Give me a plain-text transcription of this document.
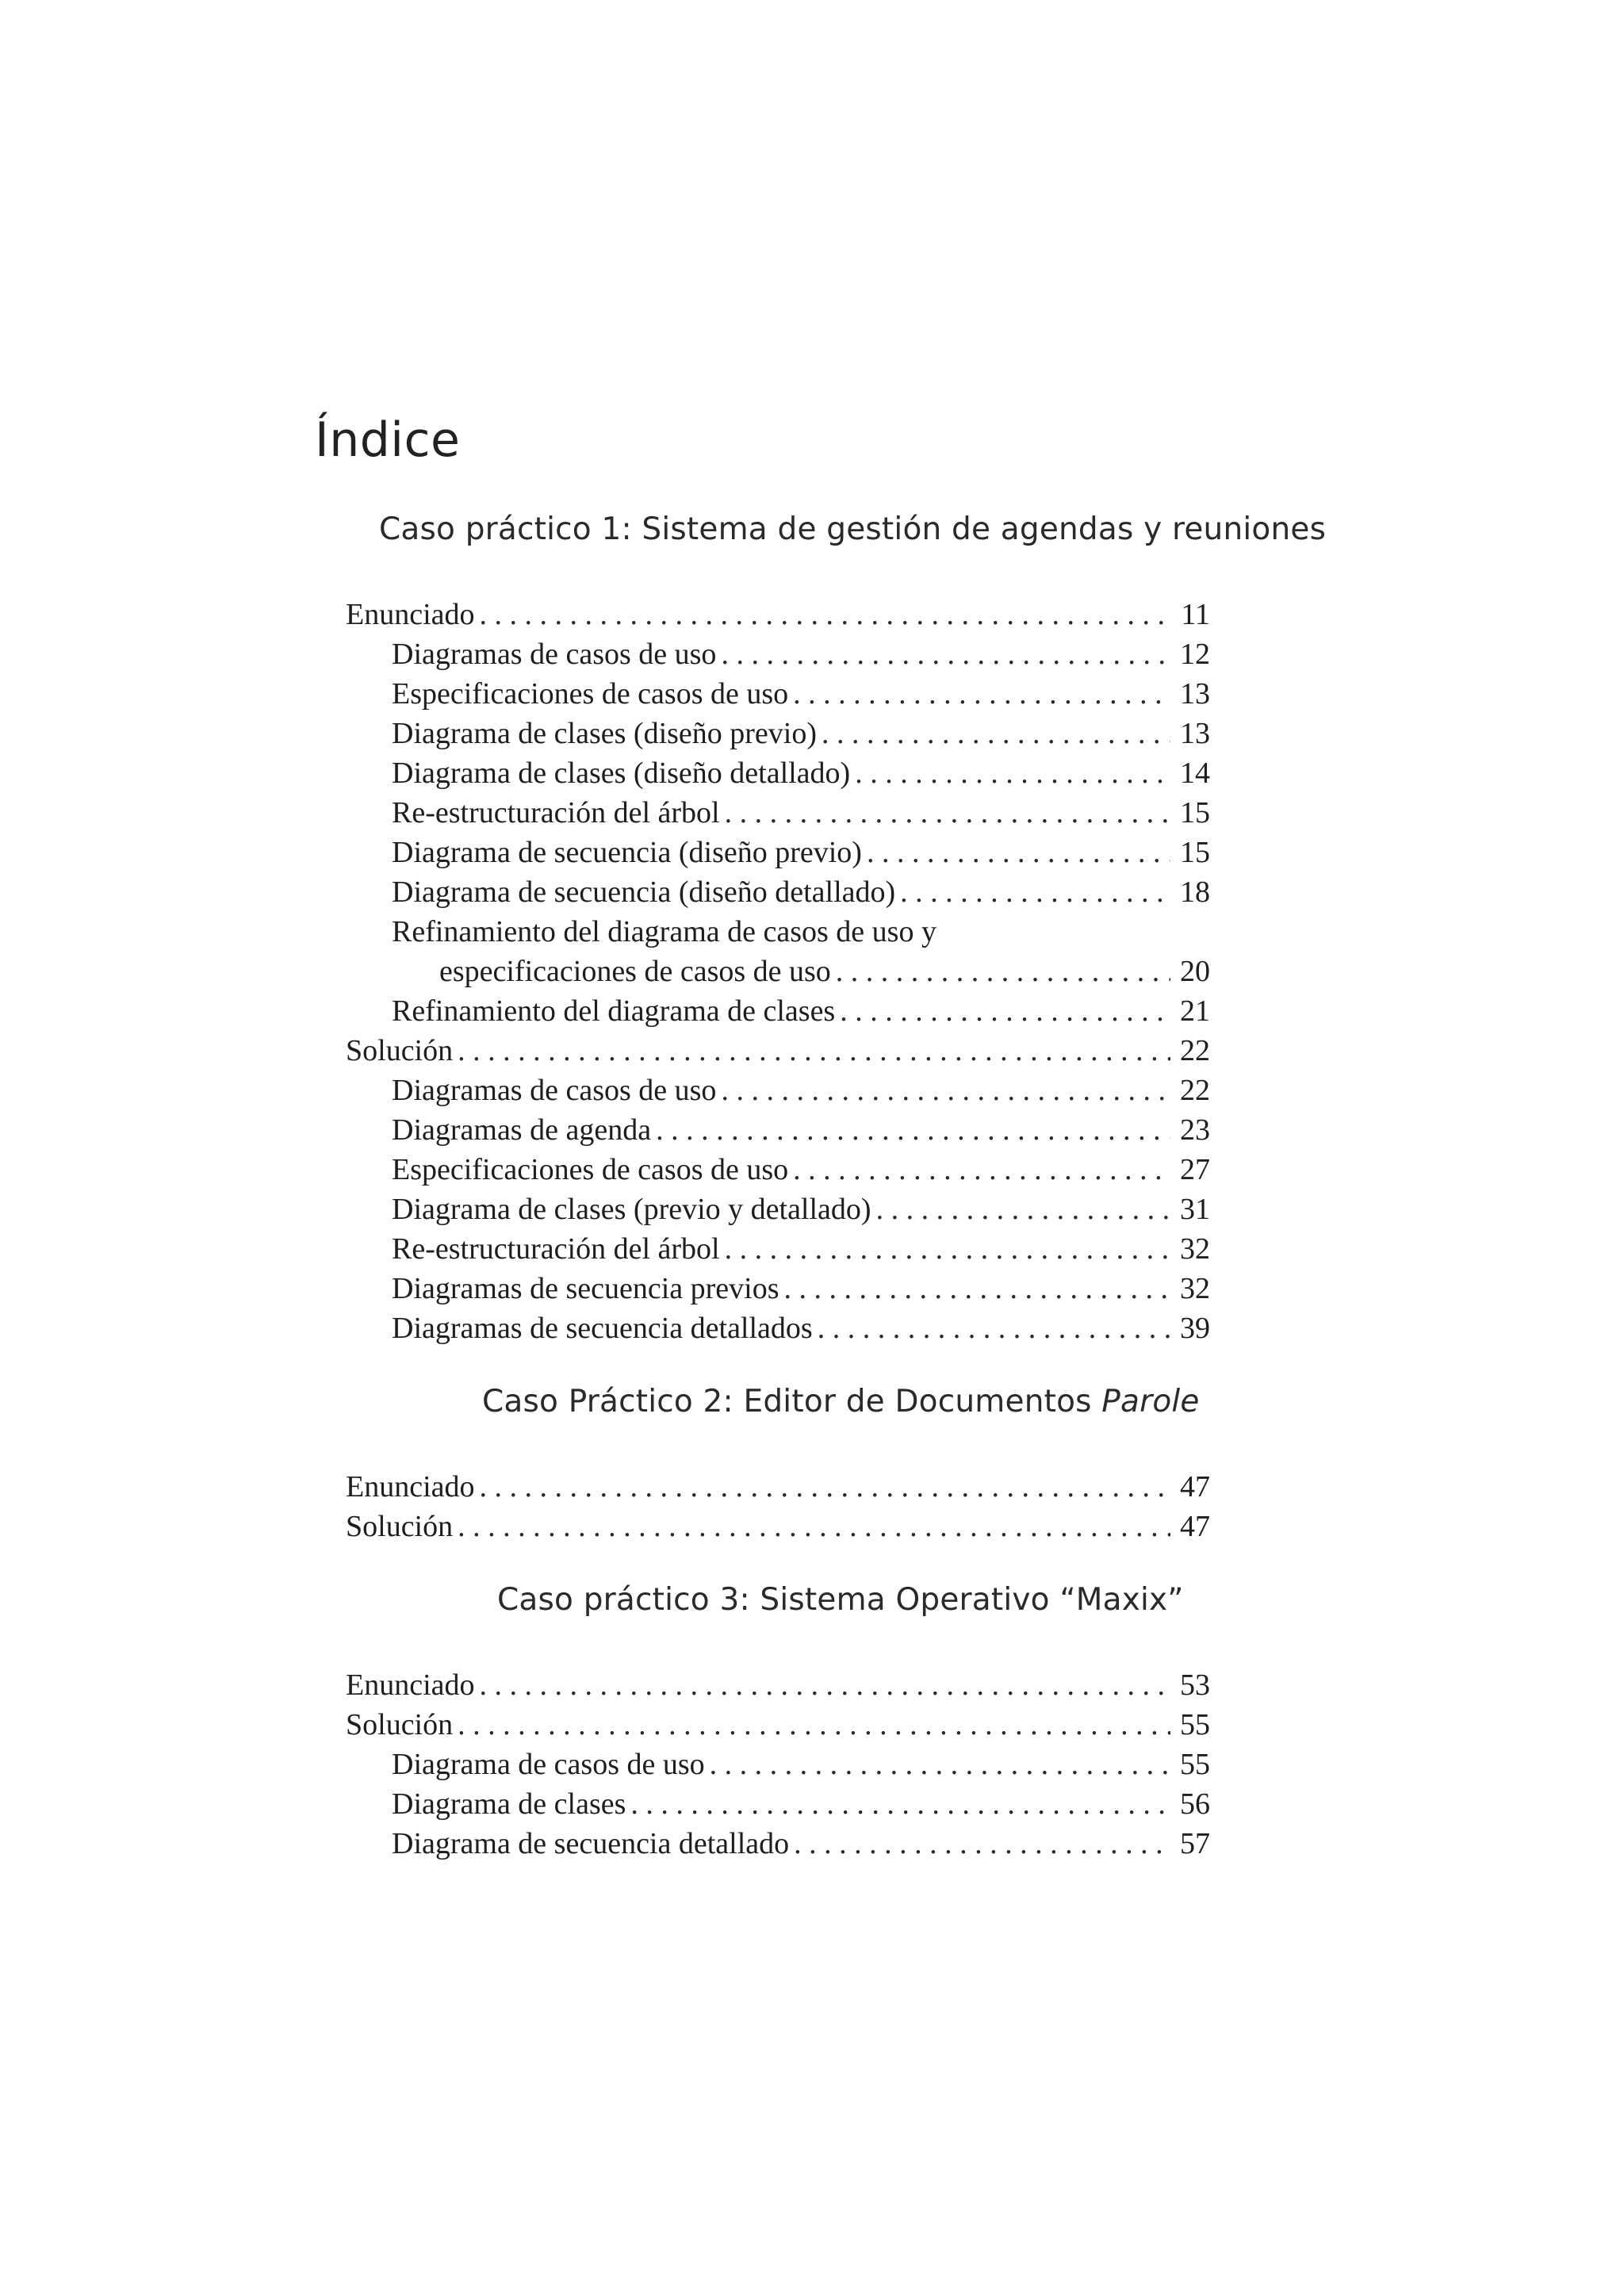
Índice
Caso práctico 1: Sistema de gestión de agendas y reuniones
Enunciado . . .	11
Diagramas de casos de uso . . .	12
Especificaciones de casos de uso . . .	13
Diagrama de clases (diseño previo) . . .	13
Diagrama de clases (diseño detallado) . . .	14
Re-estructuración del árbol . . .	15
Diagrama de secuencia (diseño previo) . . .	15
Diagrama de secuencia (diseño detallado) . . .	18
Refinamiento del diagrama de casos de uso y
especificaciones de casos de uso . . .	20
Refinamiento del diagrama de clases . . .	21
Solución . . .	22
Diagramas de casos de uso . . .	22
Diagramas de agenda . . .	23
Especificaciones de casos de uso . . .	27
Diagrama de clases (previo y detallado) . . .	31
Re-estructuración del árbol . . .	32
Diagramas de secuencia previos . . .	32
Diagramas de secuencia detallados . . .	39
Caso Práctico 2: Editor de Documentos Parole
Enunciado . . .	47
Solución . . .	47
Caso práctico 3: Sistema Operativo “Maxix”
Enunciado . . .	53
Solución . . .	55
Diagrama de casos de uso . . .	55
Diagrama de clases . . .	56
Diagrama de secuencia detallado . . .	57
